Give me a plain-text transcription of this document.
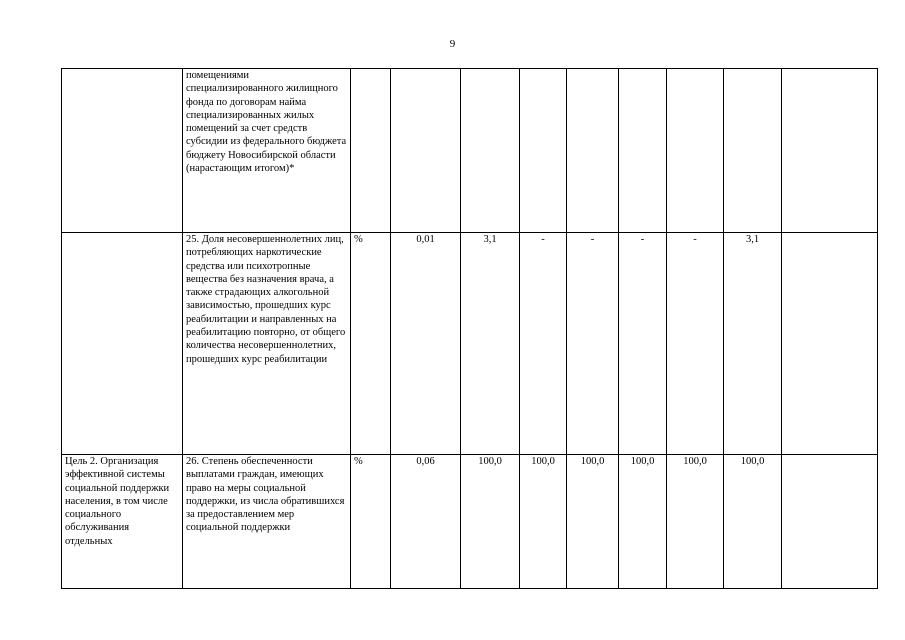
9
	помещениями специализированного жилищного фонда по договорам найма специализированных жилых помещений за счет средств субсидии из федерального бюджета бюджету Новосибирской области (нарастающим итогом)*									
	25. Доля несовершеннолетних лиц, потребляющих наркотические средства или психотропные вещества без назначения врача, а также страдающих алкогольной зависимостью, прошедших курс реабилитации и направленных на реабилитацию повторно, от общего количества несовершеннолетних, прошедших курс реабилитации	%	0,01	3,1	-	-	-	-	3,1	
Цель 2. Организация эффективной системы социальной поддержки населения, в том числе социального обслуживания отдельных	26. Степень обеспеченности выплатами граждан, имеющих право на меры социальной поддержки, из числа обратившихся за предоставлением мер социальной поддержки	%	0,06	100,0	100,0	100,0	100,0	100,0	100,0	
